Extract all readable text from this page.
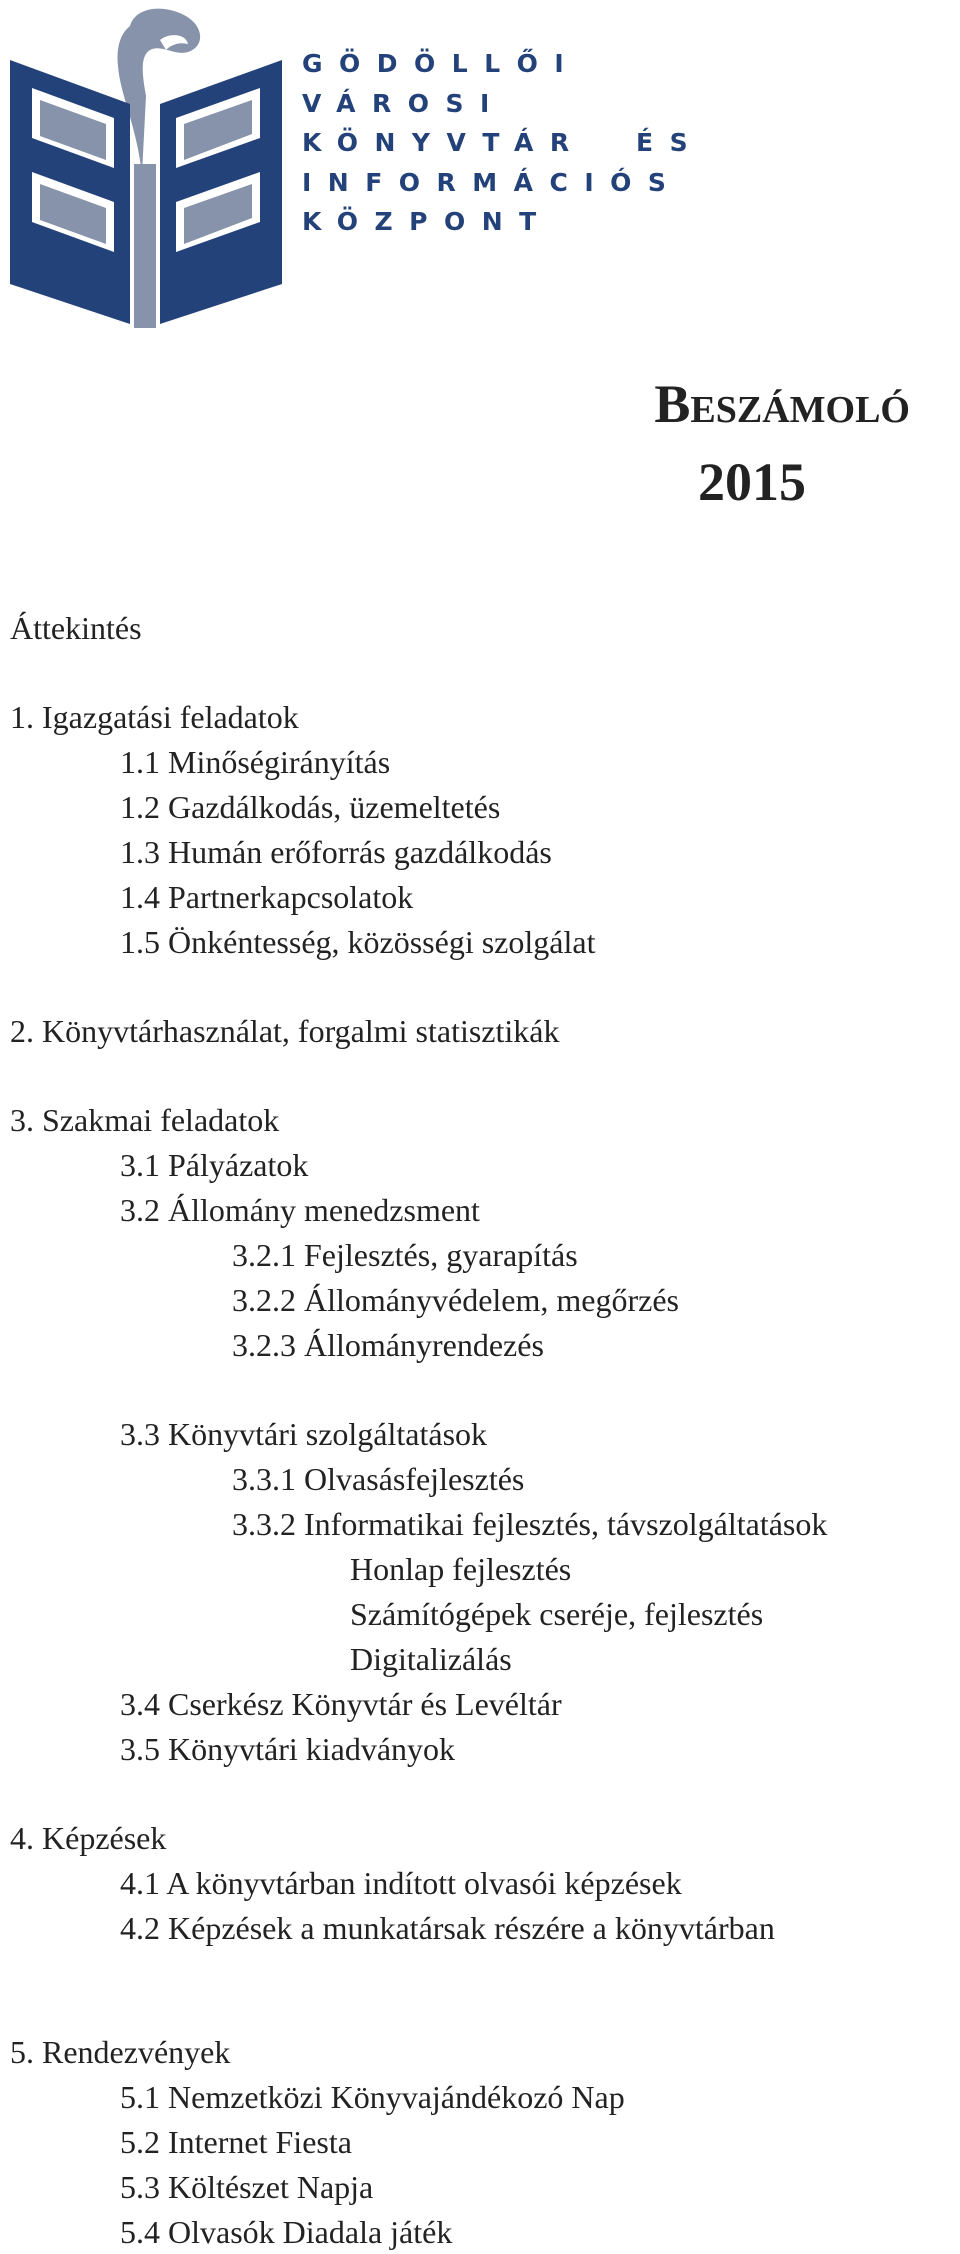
GÖDÖLLŐI
VÁROSI
KÖNYVTÁR  ÉS
INFORMÁCIÓS
KÖZPONT
Beszámoló
2015
Áttekintés
1. Igazgatási feladatok
1.1 Minőségirányítás
1.2 Gazdálkodás, üzemeltetés
1.3 Humán erőforrás gazdálkodás
1.4 Partnerkapcsolatok
1.5 Önkéntesség, közösségi szolgálat
2. Könyvtárhasználat, forgalmi statisztikák
3. Szakmai feladatok
3.1 Pályázatok
3.2 Állomány menedzsment
3.2.1 Fejlesztés, gyarapítás
3.2.2 Állományvédelem, megőrzés
3.2.3 Állományrendezés
3.3 Könyvtári szolgáltatások
3.3.1 Olvasásfejlesztés
3.3.2 Informatikai fejlesztés, távszolgáltatások
Honlap fejlesztés
Számítógépek cseréje, fejlesztés
Digitalizálás
3.4 Cserkész Könyvtár és Levéltár
3.5 Könyvtári kiadványok
4. Képzések
4.1 A könyvtárban indított olvasói képzések
4.2 Képzések a munkatársak részére a könyvtárban
5. Rendezvények
5.1 Nemzetközi Könyvajándékozó Nap
5.2 Internet Fiesta
5.3 Költészet Napja
5.4 Olvasók Diadala játék
